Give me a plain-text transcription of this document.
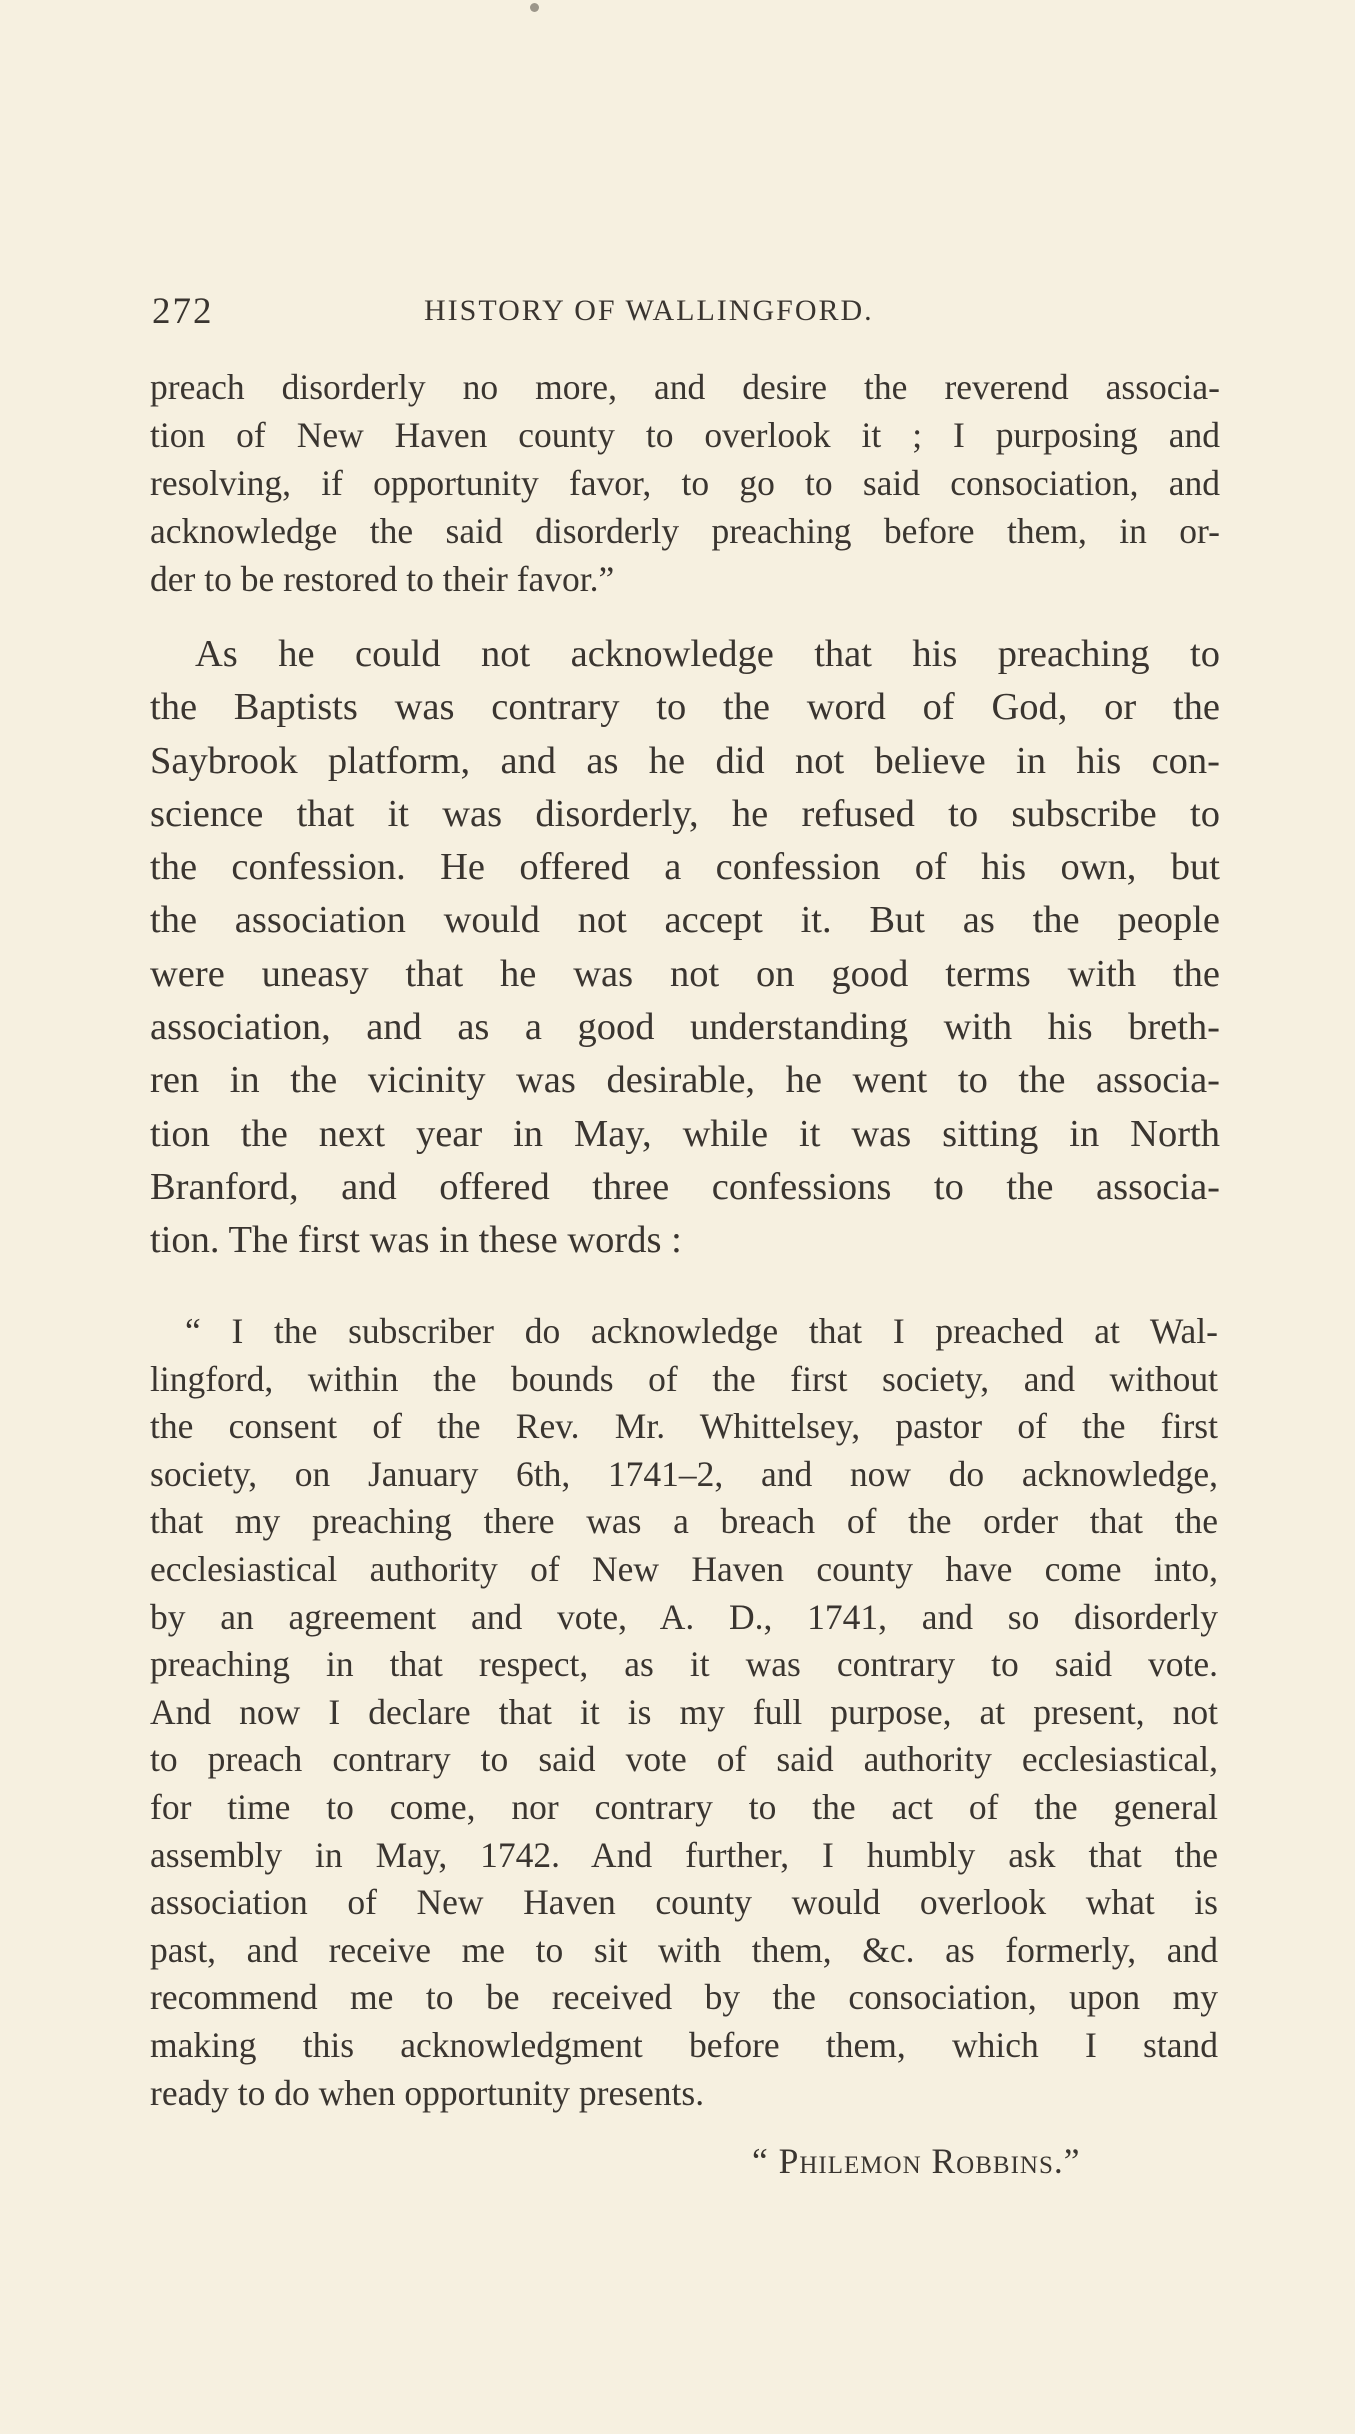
272	HISTORY OF WALLINGFORD.
preach disorderly no more, and desire the reverend associa-
tion of New Haven county to overlook it ; I purposing and
resolving, if opportunity favor, to go to said consociation, and
acknowledge the said disorderly preaching before them, in or-
der to be restored to their favor.”
As he could not acknowledge that his preaching to
the Baptists was contrary to the word of God, or the
Saybrook platform, and as he did not believe in his con-
science that it was disorderly, he refused to subscribe to
the confession. He offered a confession of his own, but
the association would not accept it. But as the people
were uneasy that he was not on good terms with the
association, and as a good understanding with his breth-
ren in the vicinity was desirable, he went to the associa-
tion the next year in May, while it was sitting in North
Branford, and offered three confessions to the associa-
tion. The first was in these words :
“ I the subscriber do acknowledge that I preached at Wal-
lingford, within the bounds of the first society, and without
the consent of the Rev. Mr. Whittelsey, pastor of the first
society, on January 6th, 1741–2, and now do acknowledge,
that my preaching there was a breach of the order that the
ecclesiastical authority of New Haven county have come into,
by an agreement and vote, A. D., 1741, and so disorderly
preaching in that respect, as it was contrary to said vote.
And now I declare that it is my full purpose, at present, not
to preach contrary to said vote of said authority ecclesiastical,
for time to come, nor contrary to the act of the general
assembly in May, 1742. And further, I humbly ask that the
association of New Haven county would overlook what is
past, and receive me to sit with them, &c. as formerly, and
recommend me to be received by the consociation, upon my
making this acknowledgment before them, which I stand
ready to do when opportunity presents.
“ Philemon Robbins.”
